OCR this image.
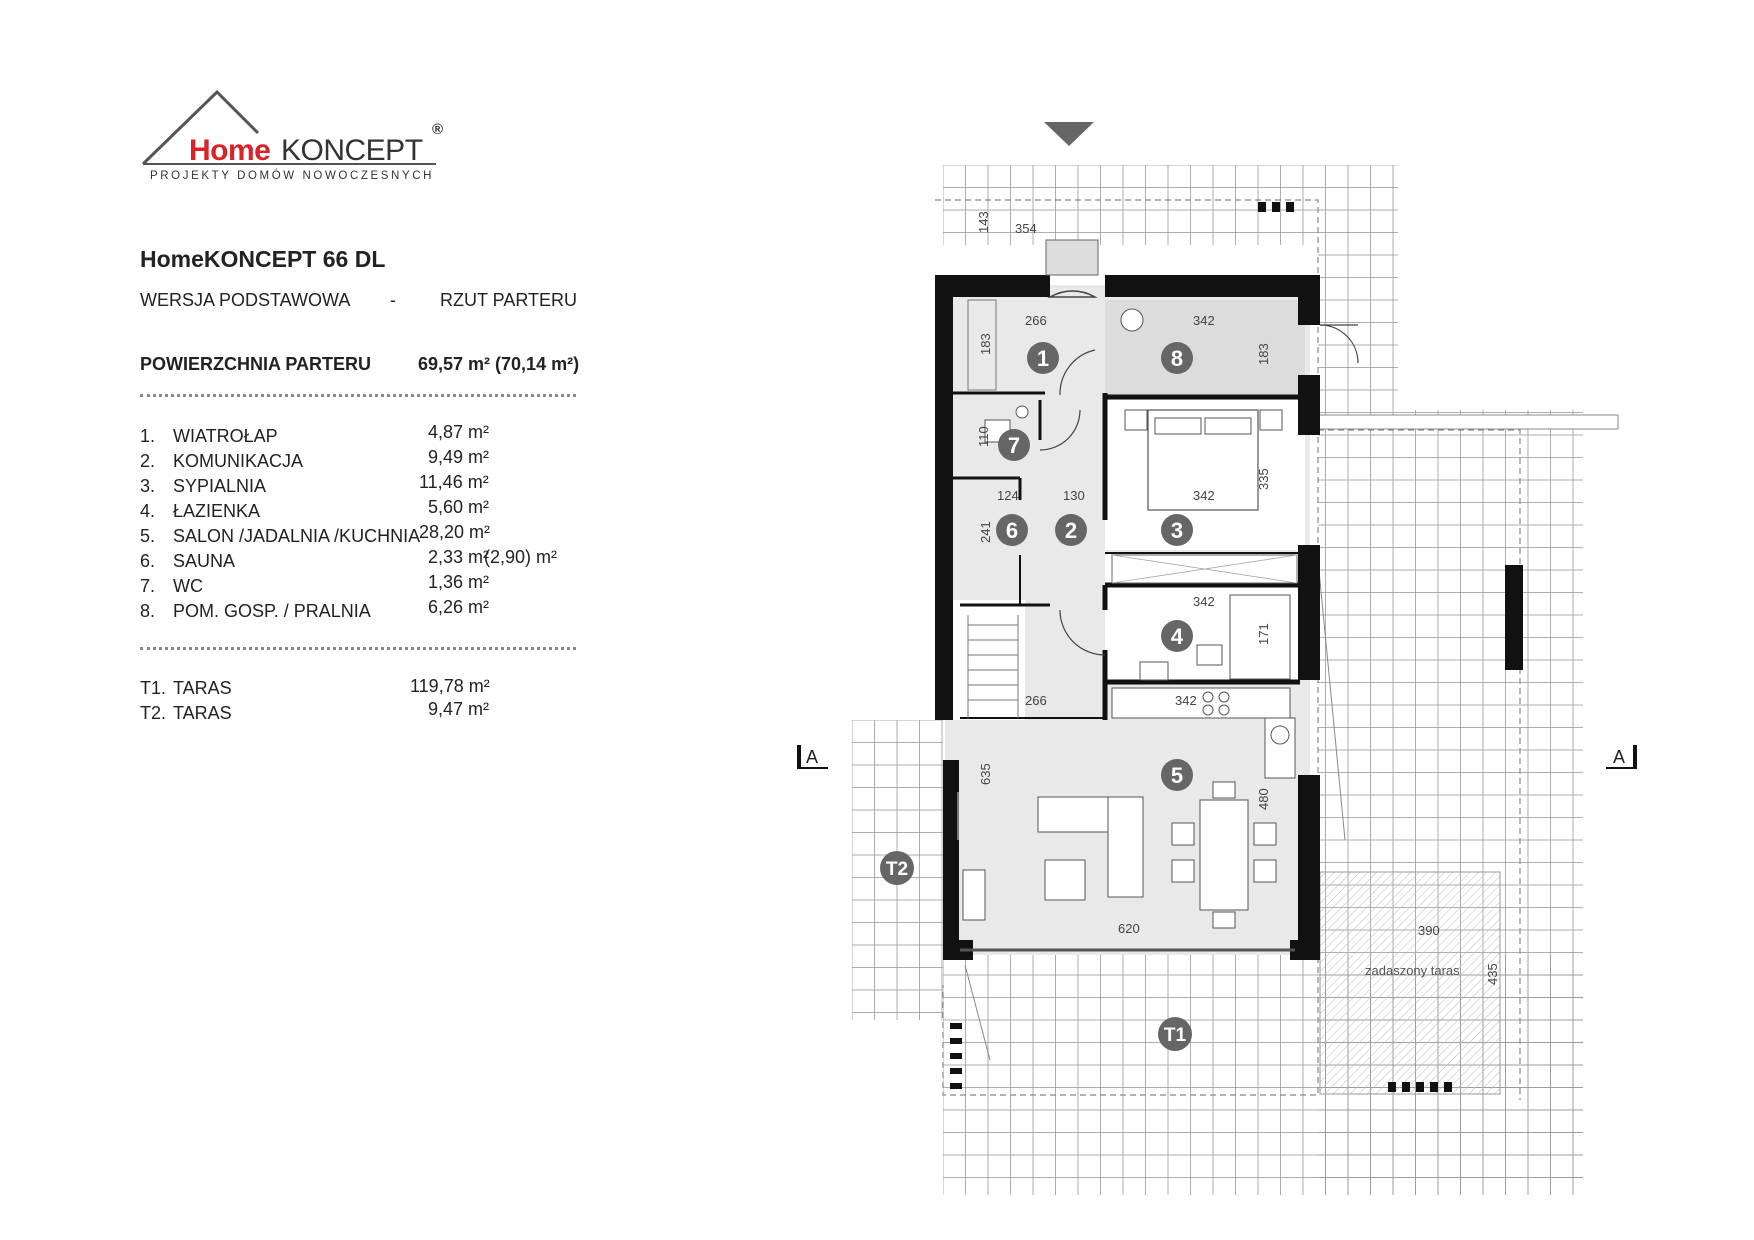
Home KONCEPT
®
PROJEKTY DOMÓW NOWOCZESNYCH
HomeKONCEPT 66 DL
WERSJA PODSTAWOWA - RZUT PARTERU
POWIERZCHNIA PARTERU	69,57 m² (70,14 m²)
1. WIATROŁAP	4,87 m²
2. KOMUNIKACJA	9,49 m²
3. SYPIALNIA	11,46 m²
4. ŁAZIENKA	5,60 m²
5. SALON /JADALNIA /KUCHNIA
28,20 m²
6. SAUNA	2,33 m²
(2,90) m²
7. WC	1,36 m²
8. POM. GOSP. / PRALNIA	6,26 m²
T1. TARAS	119,78 m²
T2. TARAS	9,47 m²
A	A
143 354
266	342
183	183
110
335
124	130	342
241
342
171
266	342
635
480
620	390
435
zadaszony taras
1	8
7
6 2	3
4
5
T2
T1
